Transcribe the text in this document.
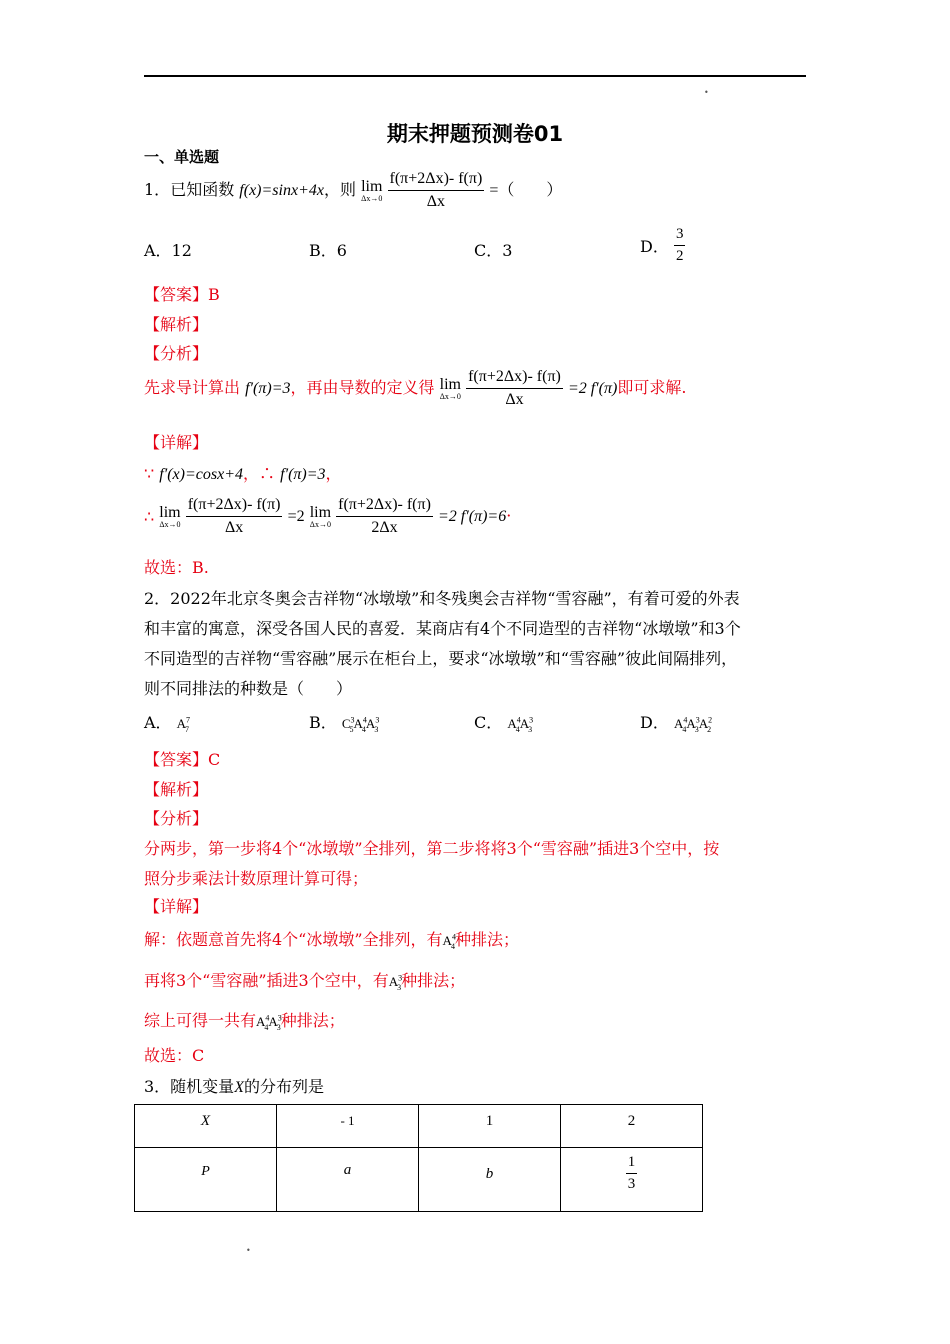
•
期末押题预测卷01
一、单选题
1．已知函数 f(x)=sinx+4x，则 lim
Δx→0
$\frac{f(\pi+2\Delta x)- f(\pi)}{\Delta x}$ =（　　）
A．12	B．6	C．3	D． $\frac{3}{2}$
【答案】B
【解析】
【分析】
先求导计算出 f′(π)=3，再由导数的定义得 lim
Δx→0
$\frac{f(\pi+2\Delta x)- f(\pi)}{\Delta x} =2$ f′(π)即可求解.
【详解】
∵ f′(x)=cosx+4，∴ f′(π)=3，
∴ lim
Δx→0
$\frac{f(\pi+2\Delta x)- f(\pi)}{\Delta x} =2$ lim
Δx→0
$\frac{f(\pi+2\Delta x)- f(\pi)}{2\Delta x} =2$ f′(π)=6·
故选：B.
2．2022年北京冬奥会吉祥物“冰墩墩”和冬残奥会吉祥物“雪容融”，有着可爱的外表
和丰富的寓意，深受各国人民的喜爱．某商店有4个不同造型的吉祥物“冰墩墩”和3个
不同造型的吉祥物“雪容融”展示在柜台上，要求“冰墩墩”和“雪容融”彼此间隔排列，
则不同排法的种数是（　　）
A． $A^7_7$	B． $C^3_5A^4_4A^3_3$	C． $A^4_4A^3_3$	D． $A^4_4A^3_3A^2_2$
【答案】C
【解析】
【分析】
分两步，第一步将4个“冰墩墩”全排列，第二步将将3个“雪容融”插进3个空中，按
照分步乘法计数原理计算可得；
【详解】
解：依题意首先将4个“冰墩墩”全排列，有$A^4_4$种排法；
再将3个“雪容融”插进3个空中，有$A^3_3$种排法；
综上可得一共有$A^4_4A^3_3$种排法；
故选：C
3．随机变量X的分布列是
X	- 1	1	2
P	a	b	$\frac{1}{3}$
•
